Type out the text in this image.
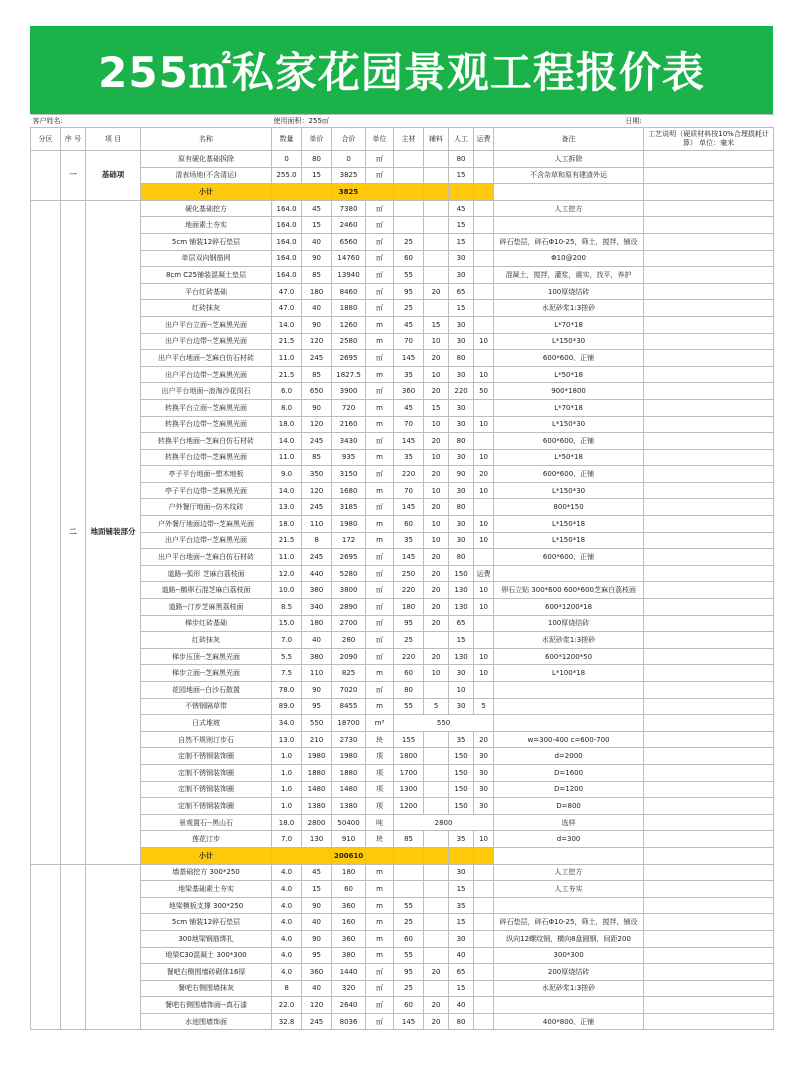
255㎡私家花园景观工程报价表
客户姓名:				使用面积：255㎡								日期:	
分区	序 号	项 目	名称	数量	单价	合价	单位	主材	辅料	人工	运费	备注	工艺说明（硬质材料按10%合理损耗计算） 单位：毫米

	一	基础项	原有硬化基础拆除	0	80	0	㎡			80		人工拆除	
			清表场地(不含清运)	255.0	15	3825	㎡			15		不含杂草和原有建渣外运	
			小计			3825							
	二	地面铺装部分	硬化基础挖方	164.0	45	7380	㎡			45		人工挖方	
			地面素土夯实	164.0	15	2460	㎡			15			
			5cm 铺装12碎石垫层	164.0	40	6560	㎡	25		15		碎石垫层，碎石Φ10-25，筛土，搅拌，铺设	
			单层双向钢筋网	164.0	90	14760	㎡	60		30		Φ10@200	
			8cm C25铺装混凝土垫层	164.0	85	13940	㎡	55		30		混凝土，搅拌，灌浆，震实，找平，养护	
			平台红砖基础	47.0	180	8460	㎡	95	20	65		100厚烧结砖	
			红砖抹灰	47.0	40	1880	㎡	25		15		水泥砂浆1:3搓砂	
			出户平台立面--芝麻黑光面	14.0	90	1260	m	45	15	30		L*70*18	
			出户平台边带--芝麻黑光面	21.5	120	2580	m	70	10	30	10	L*150*30	
			出户平台地面--芝麻白仿石材砖	11.0	245	2695	㎡	145	20	80		600*600、正铺	
			出户平台边带--芝麻黑光面	21.5	85	1827.5	m	35	10	30	10	L*50*18	
			出户平台地面--浪淘沙花岗石	6.0	650	3900	㎡	360	20	220	50	900*1800	
			转换平台立面--芝麻黑光面	8.0	90	720	m	45	15	30		L*70*18	
			转换平台边带--芝麻黑光面	18.0	120	2160	m	70	10	30	10	L*150*30	
			转换平台地面--芝麻白仿石材砖	14.0	245	3430	㎡	145	20	80		600*600、正铺	
			转换平台边带--芝麻黑光面	11.0	85	935	m	35	10	30	10	L*50*18	
			亭子平台地面--塑木地板	9.0	350	3150	㎡	220	20	90	20	600*600、正铺	
			亭子平台边带--芝麻黑光面	14.0	120	1680	m	70	10	30	10	L*150*30	
			户外餐厅地面--仿木纹砖	13.0	245	3185	㎡	145	20	80		800*150	
			户外餐厅地面边带--芝麻黑光面	18.0	110	1980	m	60	10	30	10	L*150*18	
			出户平台边带--芝麻黑光面	21.5	8	172	m	35	10	30	10	L*150*18	
			出户平台地面--芝麻白仿石材砖	11.0	245	2695	㎡	145	20	80		600*600、正铺	
			道路--弧形 芝麻白荔枝面	12.0	440	5280	㎡	250	20	150	运费		
			道路--鹅卵石混芝麻白荔枝面	10.0	380	3800	㎡	220	20	130	10	卵石立贴 300*600 600*600芝麻白荔枝面	
			道路--汀步芝麻黑荔枝面	8.5	340	2890	㎡	180	20	130	10	600*1200*18	
			梯步红砖基础	15.0	180	2700	㎡	95	20	65		100厚烧结砖	
			红砖抹灰	7.0	40	280	㎡	25		15		水泥砂浆1:3搓砂	
			梯步压顶--芝麻黑光面	5.5	380	2090	㎡	220	20	130	10	600*1200*50	
			梯步立面--芝麻黑光面	7.5	110	825	m	60	10	30	10	L*100*18	
			花园地面--白沙石散置	78.0	90	7020	㎡	80		10			
			不锈钢隔草带	89.0	95	8455	m	55	5	30	5		
			日式堆坡	34.0	550	18700	m³	550					
			自然不规则汀步石	13.0	210	2730	块	155		35	20	w=300-400 c=600-700	
			定制不锈钢装饰圈	1.0	1980	1980	项	1800		150	30	d=2000	
			定制不锈钢装饰圈	1.0	1880	1880	项	1700		150	30	D=1600	
			定制不锈钢装饰圈	1.0	1480	1480	项	1300		150	30	D=1200	
			定制不锈钢装饰圈	1.0	1380	1380	项	1200		150	30	D=800	
			景观置石--黑山石	18.0	2800	50400	吨	2800				选样	
			莲花汀步	7.0	130	910	块	85		35	10	d=300	
			小计			200610							
			墙基础挖方 300*250	4.0	45	180	m			30		人工挖方	
			地梁基础素土夯实	4.0	15	60	m			15		人工夯实	
			地梁模板支撑 300*250	4.0	90	360	m	55		35			
			5cm 铺装12碎石垫层	4.0	40	160	m	25		15		碎石垫层，碎石Φ10-25，筛土，搅拌，铺设	
			300地梁钢筋绑扎	4.0	90	360	m	60		30		纵向12螺纹钢，横向8盘圆钢，间距200	
			地梁C30混凝土 300*300	4.0	95	380	m	55		40		300*300	
			餐吧右侧围墙砖砌体16厚	4.0	360	1440	㎡	95	20	65		200厚烧结砖	
			餐吧右侧围墙抹灰	8	40	320	㎡	25		15		水泥砂浆1:3搓砂	
			餐吧右侧围墙饰面--真石漆	22.0	120	2640	㎡	60	20	40			
			水池围墙饰面	32.8	245	8036	㎡	145	20	80		400*800、正铺	
